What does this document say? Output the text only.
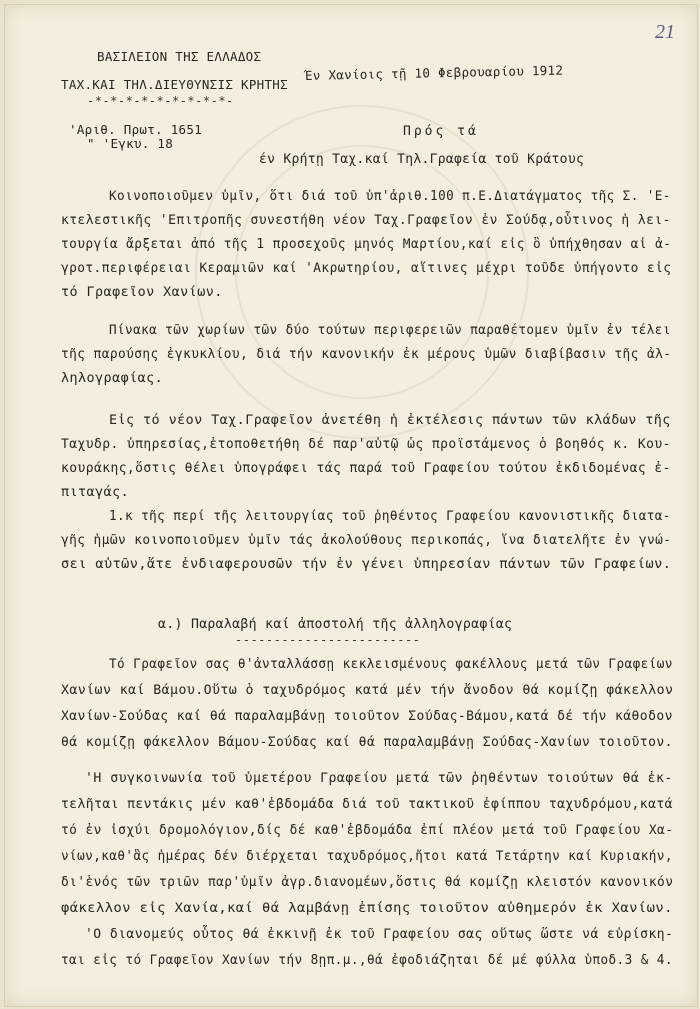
21
ΒΑΣΙΛΕΙΟΝ ΤΗΣ ΕΛΛΑΔΟΣ
ΤΑΧ.ΚΑΙ ΤΗΛ.ΔΙΕΥΘΥΝΣΙΣ ΚΡΗΤΗΣ
-*-*-*-*-*-*-*-*-*-
Έν Χανίοις τῇ 10 Φεβρουαρίου 1912
'Αριθ. Πρωτ. 1651
" 'Εγκυ. 18
Πρός τά
έν Κρήτῃ Ταχ.καί Τηλ.Γραφεία τοῦ Κράτους
Κοινοποιοῦμεν ὑμῖν, ὅτι διά τοῦ ὑπ'ἀριθ.100 π.Ε.Διατάγματος τῆς Σ. 'Ε-
κτελεστικῆς 'Επιτροπῆς συνεστήθη νέον Ταχ.Γραφεῖον ἐν Σούδᾳ,οὗτινος ἡ λει-
τουργία ἄρξεται ἀπό τῆς 1 προσεχοῦς μηνός Μαρτίου,καί εἰς ὃ ὑπήχθησαν αἱ ἀ-
γροτ.περιφέρειαι Κεραμιῶν καί 'Ακρωτηρίου, αἵτινες μέχρι τοῦδε ὑπήγοντο εἰς
τό Γραφεῖον Χανίων.
Πίνακα τῶν χωρίων τῶν δύο τούτων περιφερειῶν παραθέτομεν ὑμῖν ἐν τέλει
τῆς παρούσης ἐγκυκλίου, διά τήν κανονικήν ἐκ μέρους ὑμῶν διαβίβασιν τῆς ἀλ-
ληλογραφίας.
Εἰς τό νέον Ταχ.Γραφεῖον ἀνετέθη ἡ ἐκτέλεσις πάντων τῶν κλάδων τῆς
Ταχυδρ. ὑπηρεσίας,ἐτοποθετήθη δέ παρ'αὐτῷ ὡς προϊστάμενος ὁ βοηθός κ. Κου-
κουράκης,ὅστις θέλει ὑπογράφει τάς παρά τοῦ Γραφείου τούτου ἐκδιδομένας ἐ-
πιταγάς.
1.κ τῆς περί τῆς λειτουργίας τοῦ ῥηθέντος Γραφείου κανονιστικῆς διατα-
γῆς ἡμῶν κοινοποιοῦμεν ὑμῖν τάς ἀκολούθους περικοπάς, ἵνα διατελῆτε ἐν γνώ-
σει αὐτῶν,ἅτε ἐνδιαφερουσῶν τήν ἐν γένει ὑπηρεσίαν πάντων τῶν Γραφείων.
α.) Παραλαβή καί ἀποστολή τῆς ἀλληλογραφίας
------------------------
Τό Γραφεῖον σας θ'ἀνταλλάσσῃ κεκλεισμένους φακέλλους μετά τῶν Γραφείων
Χανίων καί Βάμου.Οὕτω ὁ ταχυδρόμος κατά μέν τήν ἄνοδον θά κομίζῃ φάκελλον
Χανίων-Σούδας καί θά παραλαμβάνῃ τοιοῦτον Σούδας-Βάμου,κατά δέ τήν κάθοδον
θά κομίζῃ φάκελλον Βάμου-Σούδας καί θά παραλαμβάνῃ Σούδας-Χανίων τοιοῦτον.
'Η συγκοινωνία τοῦ ὑμετέρου Γραφείου μετά τῶν ῥηθέντων τοιούτων θά ἐκ-
τελῆται πεντάκις μέν καθ'ἑβδομάδα διά τοῦ τακτικοῦ ἐφίππου ταχυδρόμου,κατά
τό ἐν ἰσχύι δρομολόγιον,δίς δέ καθ'ἑβδομάδα ἐπί πλέον μετά τοῦ Γραφείου Χα-
νίων,καθ'ἃς ἡμέρας δέν διέρχεται ταχυδρόμος,ἤτοι κατά Τετάρτην καί Κυριακήν,
δι'ἑνός τῶν τριῶν παρ'ὑμῖν ἀγρ.διανομέων,ὅστις θά κομίζῃ κλειστόν κανονικόν
φάκελλον εἰς Χανία,καί θά λαμβάνῃ ἐπίσης τοιοῦτον αὐθημερόν ἐκ Χανίων.
'Ο διανομεύς οὗτος θά ἐκκινῇ ἐκ τοῦ Γραφείου σας οὕτως ὥστε νά εὑρίσκη-
ται εἰς τό Γραφεῖον Χανίων τήν 8ῃπ.μ.,θά ἐφοδιάζηται δέ μέ φύλλα ὑποδ.3 & 4.
